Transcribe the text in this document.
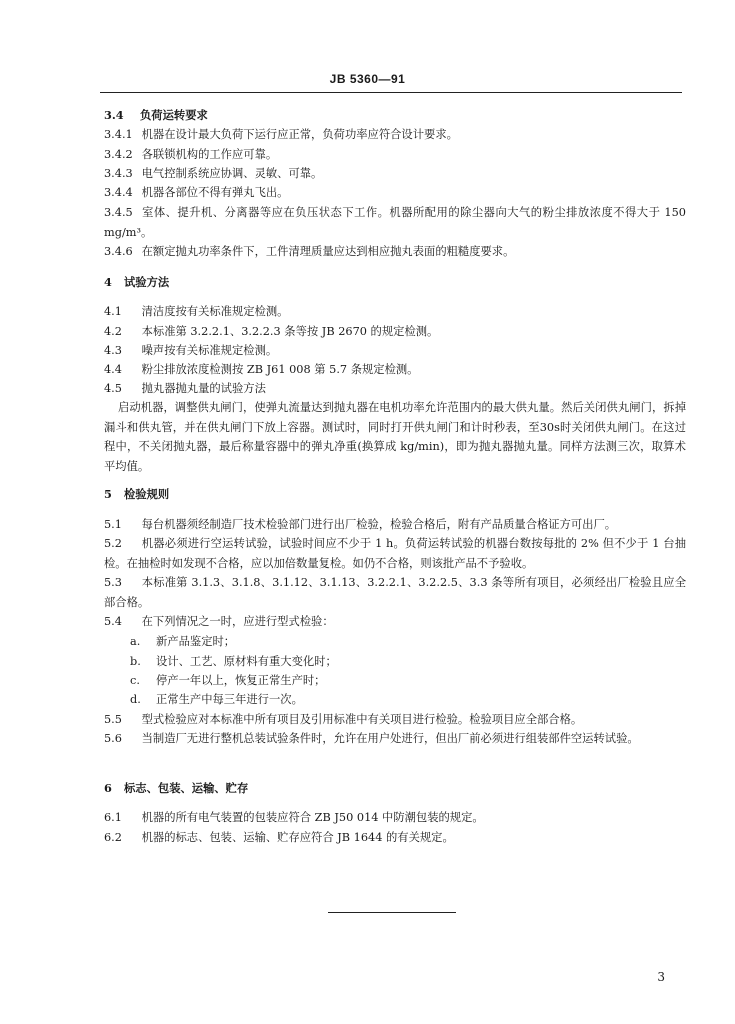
JB 5360—91
3.4 负荷运转要求
3.4.1 机器在设计最大负荷下运行应正常，负荷功率应符合设计要求。
3.4.2 各联锁机构的工作应可靠。
3.4.3 电气控制系统应协调、灵敏、可靠。
3.4.4 机器各部位不得有弹丸飞出。
3.4.5 室体、提升机、分离器等应在负压状态下工作。机器所配用的除尘器向大气的粉尘排放浓度不得大于 150 mg/m³。
3.4.6 在额定抛丸功率条件下，工件清理质量应达到相应抛丸表面的粗糙度要求。
4 试验方法
4.1 清洁度按有关标准规定检测。
4.2 本标准第 3.2.2.1、3.2.2.3 条等按 JB 2670 的规定检测。
4.3 噪声按有关标准规定检测。
4.4 粉尘排放浓度检测按 ZB J61 008 第 5.7 条规定检测。
4.5 抛丸器抛丸量的试验方法
启动机器，调整供丸闸门，使弹丸流量达到抛丸器在电机功率允许范围内的最大供丸量。然后关闭供丸闸门，拆掉漏斗和供丸管，并在供丸闸门下放上容器。测试时，同时打开供丸闸门和计时秒表，至30s时关闭供丸闸门。在这过程中，不关闭抛丸器，最后称量容器中的弹丸净重(换算成 kg/min)，即为抛丸器抛丸量。同样方法测三次，取算术平均值。
5 检验规则
5.1 每台机器须经制造厂技术检验部门进行出厂检验，检验合格后，附有产品质量合格证方可出厂。
5.2 机器必须进行空运转试验，试验时间应不少于 1 h。负荷运转试验的机器台数按每批的 2% 但不少于 1 台抽检。在抽检时如发现不合格，应以加倍数量复检。如仍不合格，则该批产品不予验收。
5.3 本标准第 3.1.3、3.1.8、3.1.12、3.1.13、3.2.2.1、3.2.2.5、3.3 条等所有项目，必须经出厂检验且应全部合格。
5.4 在下列情况之一时，应进行型式检验：
a. 新产品鉴定时；
b. 设计、工艺、原材料有重大变化时；
c. 停产一年以上，恢复正常生产时；
d. 正常生产中每三年进行一次。
5.5 型式检验应对本标准中所有项目及引用标准中有关项目进行检验。检验项目应全部合格。
5.6 当制造厂无进行整机总装试验条件时，允许在用户处进行，但出厂前必须进行组装部件空运转试验。
6 标志、包装、运输、贮存
6.1 机器的所有电气装置的包装应符合 ZB J50 014 中防潮包装的规定。
6.2 机器的标志、包装、运输、贮存应符合 JB 1644 的有关规定。
3
